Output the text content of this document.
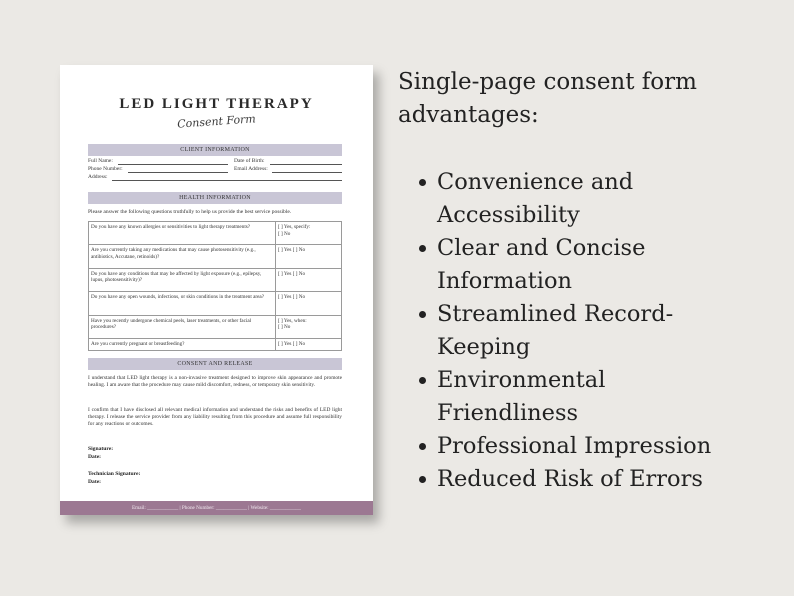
LED LIGHT THERAPY
Consent Form
CLIENT INFORMATION
Full Name:	Date of Birth:
Phone Number:	Email Address:
Address:
HEALTH INFORMATION
Please answer the following questions truthfully to help us provide the best service possible.
Do you have any known allergies or sensitivities to light therapy treatments?	[ ] Yes, specify:
[ ] No
Are you currently taking any medications that may cause photosensitivity (e.g., antibiotics, Accutane, retinoids)?	[ ] Yes [ ] No
Do you have any conditions that may be affected by light exposure (e.g., epilepsy, lupus, photosensitivity)?	[ ] Yes [ ] No
Do you have any open wounds, infections, or skin conditions in the treatment area?	[ ] Yes [ ] No
Have you recently undergone chemical peels, laser treatments, or other facial procedures?	[ ] Yes, when:
[ ] No
Are you currently pregnant or breastfeeding?	[ ] Yes [ ] No
CONSENT AND RELEASE
I understand that LED light therapy is a non-invasive treatment designed to improve skin appearance and promote healing. I am aware that the procedure may cause mild discomfort, redness, or temporary skin sensitivity.
I confirm that I have disclosed all relevant medical information and understand the risks and benefits of LED light therapy. I release the service provider from any liability resulting from this procedure and assume full responsibility for any reactions or outcomes.
Signature:
Date:
Technician Signature:
Date:
Email: ____________ | Phone Number: ____________ | Website: ____________
Single-page consent form advantages:
Convenience and Accessibility
Clear and Concise Information
Streamlined Record-Keeping
Environmental Friendliness
Professional Impression
Reduced Risk of Errors
